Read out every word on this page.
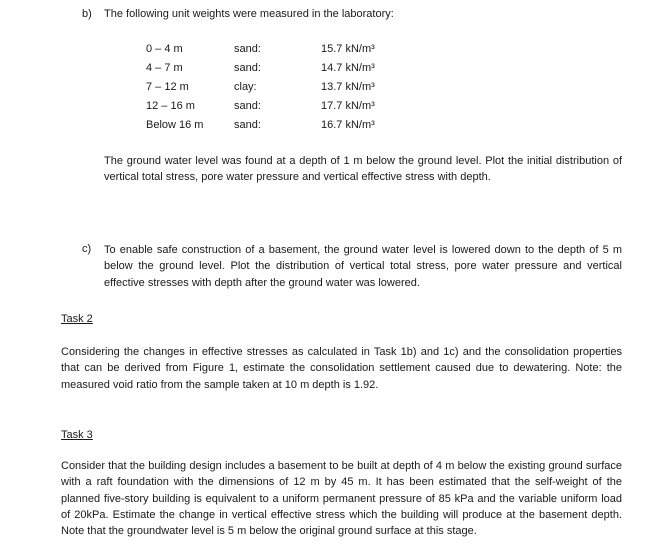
b) The following unit weights were measured in the laboratory:
0 – 4 m	sand:	15.7 kN/m³
4 – 7 m	sand:	14.7 kN/m³
7 – 12 m	clay:	13.7 kN/m³
12 – 16 m	sand:	17.7 kN/m³
Below 16 m	sand:	16.7 kN/m³
The ground water level was found at a depth of 1 m below the ground level. Plot the initial distribution of vertical total stress, pore water pressure and vertical effective stress with depth.
c) To enable safe construction of a basement, the ground water level is lowered down to the depth of 5 m below the ground level. Plot the distribution of vertical total stress, pore water pressure and vertical effective stresses with depth after the ground water was lowered.
Task 2
Considering the changes in effective stresses as calculated in Task 1b) and 1c) and the consolidation properties that can be derived from Figure 1, estimate the consolidation settlement caused due to dewatering. Note: the measured void ratio from the sample taken at 10 m depth is 1.92.
Task 3
Consider that the building design includes a basement to be built at depth of 4 m below the existing ground surface with a raft foundation with the dimensions of 12 m by 45 m. It has been estimated that the self-weight of the planned five-story building is equivalent to a uniform permanent pressure of 85 kPa and the variable uniform load of 20kPa. Estimate the change in vertical effective stress which the building will produce at the basement depth. Note that the groundwater level is 5 m below the original ground surface at this stage.
